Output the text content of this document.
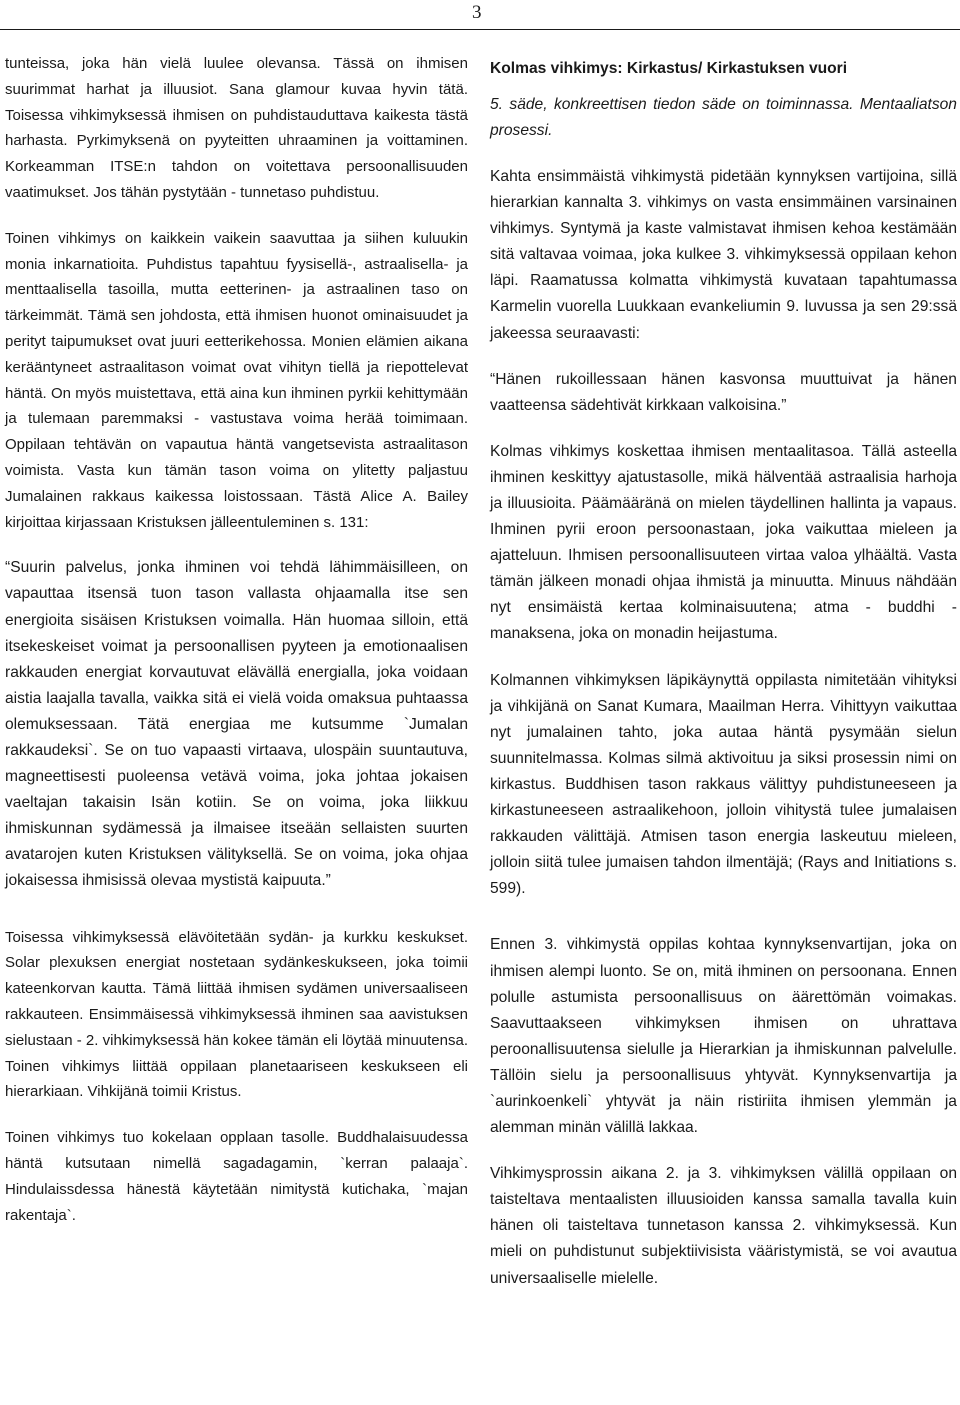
3

tunteissa, joka hän vielä luulee olevansa. Tässä on ihmisen suurimmat harhat ja illuusiot. Sana glamour kuvaa hyvin tätä. Toisessa vihkimyksessä ihmisen on puhdistauduttava kaikesta tästä harhasta. Pyrkimyksenä on pyyteitten uhraaminen ja voittaminen. Korkeamman ITSE:n tahdon on voitettava persoonallisuuden vaatimukset. Jos tähän pystytään - tunnetaso puhdistuu.

Toinen vihkimys on kaikkein vaikein saavuttaa ja siihen kuluukin monia inkarnatioita. Puhdistus tapahtuu fyysisellä-, astraalisella- ja menttaalisella tasoilla, mutta eetterinen- ja astraalinen taso on tärkeimmät. Tämä sen johdosta, että ihmisen huonot ominaisuudet ja perityt taipumukset ovat juuri eetterikehossa. Monien elämien aikana kerääntyneet astraalitason voimat ovat vihityn tiellä ja riepottelevat häntä. On myös muistettava, että aina kun ihminen pyrkii kehittymään ja tulemaan paremmaksi - vastustava voima herää toimimaan. Oppilaan tehtävän on vapautua häntä vangetsevista astraalitason voimista. Vasta kun tämän tason voima on ylitetty paljastuu Jumalainen rakkaus kaikessa loistossaan. Tästä Alice A. Bailey kirjoittaa kirjassaan Kristuksen jälleentuleminen s. 131:

“Suurin palvelus, jonka ihminen voi tehdä lähimmäisilleen, on vapauttaa itsensä tuon tason vallasta ohjaamalla itse sen energioita sisäisen Kristuksen voimalla. Hän huomaa silloin, että itsekeskeiset voimat ja persoonallisen pyyteen ja emotionaalisen rakkauden energiat korvautuvat elävällä energialla, joka voidaan aistia laajalla tavalla, vaikka sitä ei vielä voida omaksua puhtaassa olemuksessaan. Tätä energiaa me kutsumme `Jumalan rakkaudeksi`. Se on tuo vapaasti virtaava, ulospäin suuntautuva, magneettisesti puoleensa vetävä voima, joka johtaa jokaisen vaeltajan takaisin Isän kotiin. Se on voima, joka liikkuu ihmiskunnan sydämessä ja ilmaisee itseään sellaisten suurten avatarojen kuten Kristuksen välityksellä. Se on voima, joka ohjaa jokaisessa ihmisissä olevaa mystistä kaipuuta.”

Toisessa vihkimyksessä elävöitetään sydän- ja kurkku keskukset. Solar plexuksen energiat nostetaan sydänkeskukseen, joka toimii kateenkorvan kautta. Tämä liittää ihmisen sydämen universaaliseen rakkauteen. Ensimmäisessä vihkimyksessä ihminen saa aavistuksen sielustaan - 2. vihkimyksessä hän kokee tämän eli löytää minuutensa. Toinen vihkimys liittää oppilaan planetaariseen keskukseen eli hierarkiaan. Vihkijänä toimii Kristus.

Toinen vihkimys tuo kokelaan opplaan tasolle. Buddhalaisuudessa häntä kutsutaan nimellä sagadagamin, `kerran palaaja`. Hindulaissdessa hänestä käytetään nimitystä kutichaka, `majan rakentaja`.

Kolmas vihkimys: Kirkastus/ Kirkastuksen vuori

5. säde, konkreettisen tiedon säde on toiminnassa. Mentaaliatson prosessi.

Kahta ensimmäistä vihkimystä pidetään kynnyksen vartijoina, sillä hierarkian kannalta 3. vihkimys on vasta ensimmäinen varsinainen vihkimys. Syntymä ja kaste valmistavat ihmisen kehoa kestämään sitä valtavaa voimaa, joka kulkee 3. vihkimyksessä oppilaan kehon läpi. Raamatussa kolmatta vihkimystä kuvataan tapahtumassa Karmelin vuorella Luukkaan evankeliumin 9. luvussa ja sen 29:ssä jakeessa seuraavasti:

“Hänen rukoillessaan hänen kasvonsa muuttuivat ja hänen vaatteensa sädehtivät kirkkaan valkoisina.”

Kolmas vihkimys koskettaa ihmisen mentaalitasoa. Tällä asteella ihminen keskittyy ajatustasolle, mikä hälventää astraalisia harhoja ja illuusioita. Päämääränä on mielen täydellinen hallinta ja vapaus. Ihminen pyrii eroon persoonastaan, joka vaikuttaa mieleen ja ajatteluun. Ihmisen persoonallisuuteen virtaa valoa ylhäältä. Vasta tämän jälkeen monadi ohjaa ihmistä ja minuutta. Minuus nähdään nyt ensimäistä kertaa kolminaisuutena; atma - buddhi - manaksena, joka on monadin heijastuma.

Kolmannen vihkimyksen läpikäynyttä oppilasta nimitetään vihityksi ja vihkijänä on Sanat Kumara, Maailman Herra. Vihittyyn vaikuttaa nyt jumalainen tahto, joka autaa häntä pysymään sielun suunnitelmassa. Kolmas silmä aktivoituu ja siksi prosessin nimi on kirkastus. Buddhisen tason rakkaus välittyy puhdistuneeseen ja kirkastuneeseen astraalikehoon, jolloin vihitystä tulee jumalaisen rakkauden välittäjä. Atmisen tason energia laskeutuu mieleen, jolloin siitä tulee jumaisen tahdon ilmentäjä; (Rays and Initiations s. 599).

Ennen 3. vihkimystä oppilas kohtaa kynnyksenvartijan, joka on ihmisen alempi luonto. Se on, mitä ihminen on persoonana. Ennen polulle astumista persoonallisuus on äärettömän voimakas. Saavuttaakseen vihkimyksen ihmisen on uhrattava peroonallisuutensa sielulle ja Hierarkian ja ihmiskunnan palvelulle. Tällöin sielu ja persoonallisuus yhtyvät. Kynnyksenvartija ja `aurinkoenkeli` yhtyvät ja näin ristiriita ihmisen ylemmän ja alemman minän välillä lakkaa.

Vihkimysprossin aikana 2. ja 3. vihkimyksen välillä oppilaan on taisteltava mentaalisten illuusioiden kanssa samalla tavalla kuin hänen oli taisteltava tunnetason kanssa 2. vihkimyksessä. Kun mieli on puhdistunut subjektiivisista vääristymistä, se voi avautua universaaliselle mielelle.
